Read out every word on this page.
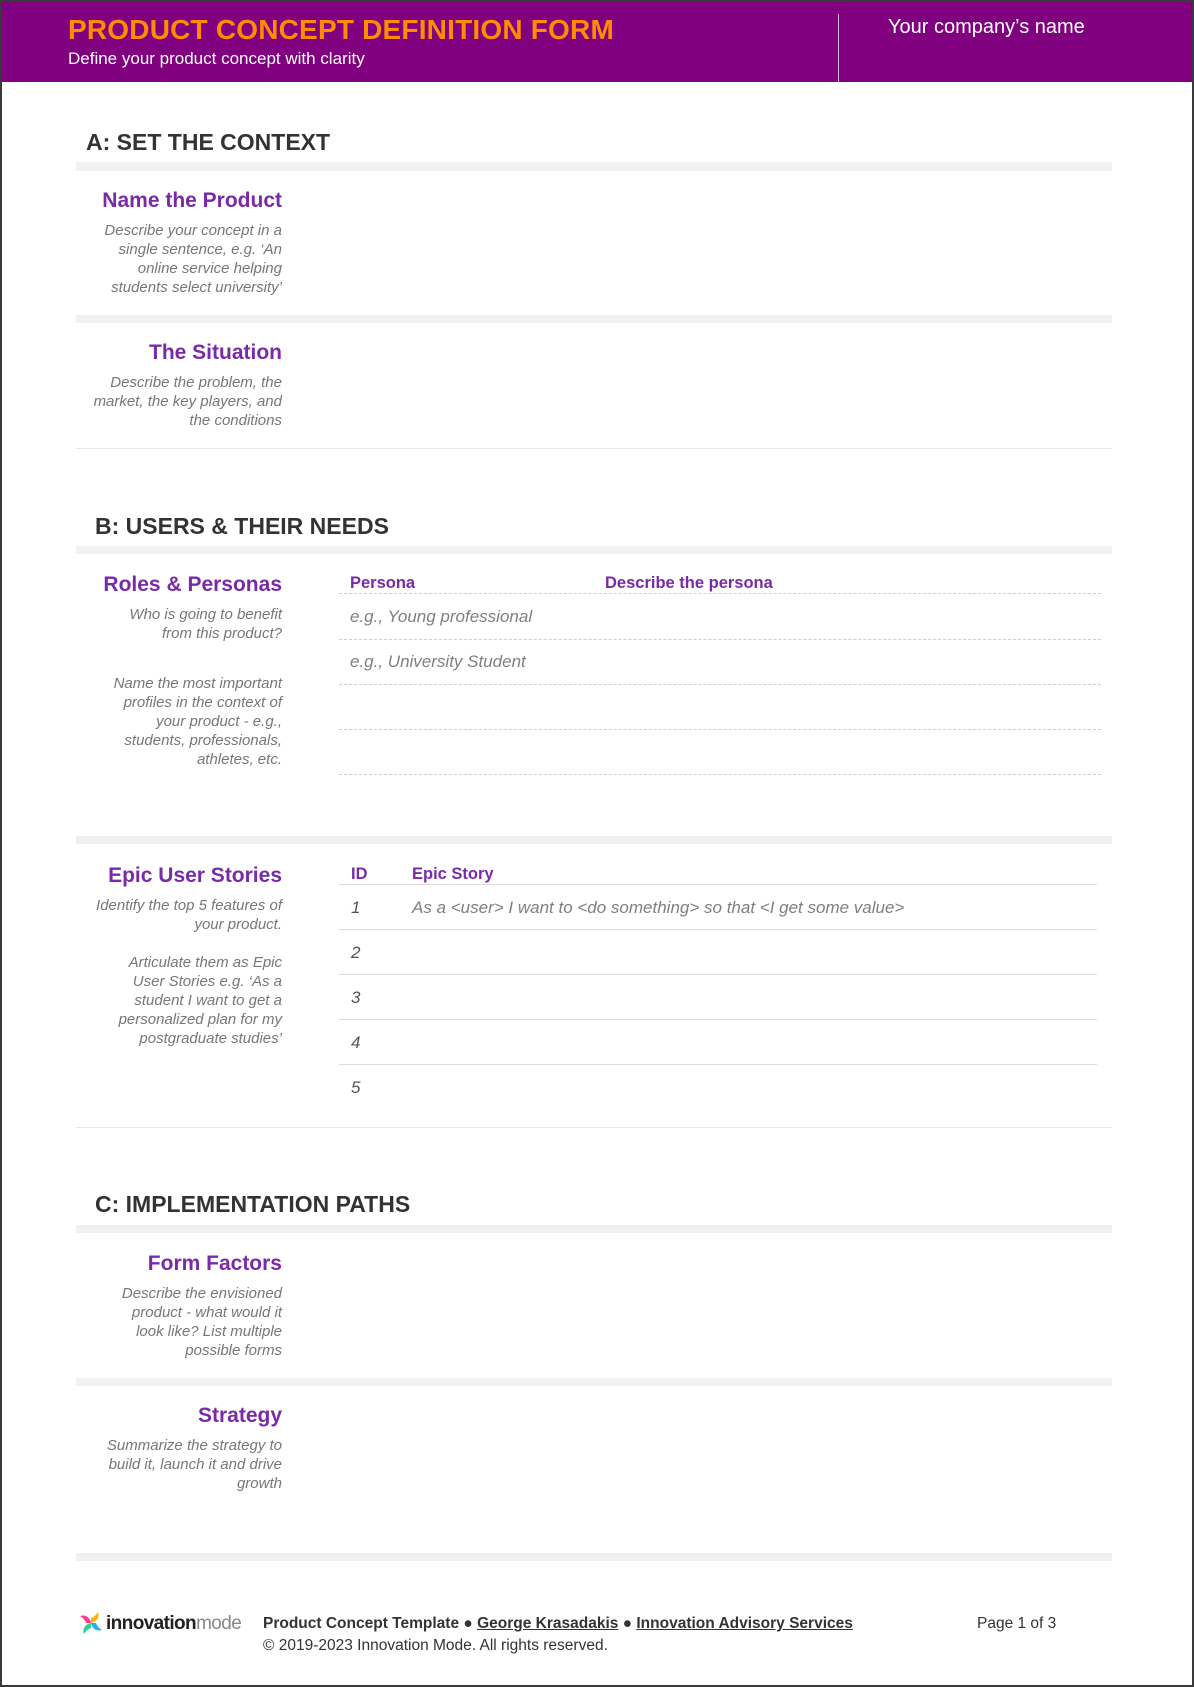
PRODUCT CONCEPT DEFINITION FORM
Define your product concept with clarity
Your company’s name
A: SET THE CONTEXT
Name the Product
Describe your concept in a single sentence, e.g. ‘An online service helping students select university’
The Situation
Describe the problem, the market, the key players, and the conditions
B: USERS & THEIR NEEDS
Roles & Personas
Who is going to benefit from this product?
Name the most important profiles in the context of your product - e.g., students, professionals, athletes, etc.
Persona	Describe the persona
e.g., Young professional
e.g., University Student
Epic User Stories
Identify the top 5 features of your product.
Articulate them as Epic User Stories e.g. ‘As a student I want to get a personalized plan for my postgraduate studies’
ID	Epic Story
1	As a <user> I want to <do something> so that <I get some value>
2
3
4
5
C: IMPLEMENTATION PATHS
Form Factors
Describe the envisioned product - what would it look like? List multiple possible forms
Strategy
Summarize the strategy to build it, launch it and drive growth
innovationmode Product Concept Template ● George Krasadakis ● Innovation Advisory Services
© 2019-2023 Innovation Mode. All rights reserved.
Page 1 of 3
